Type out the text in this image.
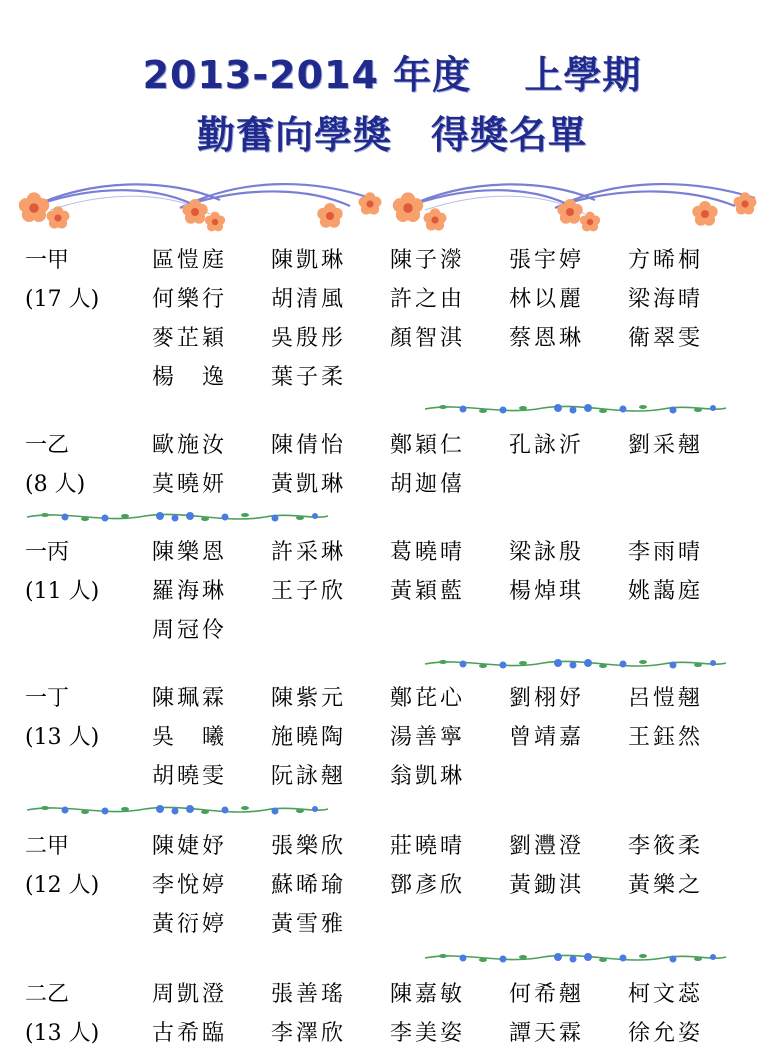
2013-2014 年度　 上學期
勤奮向學獎　得獎名單
一甲
(17 人)
區愷庭	陳凱琳	陳子濴	張宇婷	方晞桐
何樂行	胡清風	許之由	林以麗	梁海晴
麥芷穎	吳殷彤	顏智淇	蔡恩琳	衛翠雯
楊　逸	葉子柔
一乙
(8 人)
歐施汝	陳倩怡	鄭穎仁	孔詠沂	劉采翹
莫曉妍	黃凱琳	胡迦僖
一丙
(11 人)
陳樂恩	許采琳	葛曉晴	梁詠殷	李雨晴
羅海琳	王子欣	黃穎藍	楊焯琪	姚藹庭
周冠伶
一丁
(13 人)
陳珮霖	陳紫元	鄭芘心	劉栩妤	呂愷翹
吳　曦	施曉陶	湯善寧	曾靖嘉	王鈺然
胡曉雯	阮詠翹	翁凱琳
二甲
(12 人)
陳婕妤	張樂欣	莊曉晴	劉灃澄	李筱柔
李悅婷	蘇晞瑜	鄧彥欣	黃鋤淇	黃樂之
黃衍婷	黃雪雅
二乙
(13 人)
周凱澄	張善瑤	陳嘉敏	何希翹	柯文蕊
古希臨	李澤欣	李美姿	譚天霖	徐允姿
